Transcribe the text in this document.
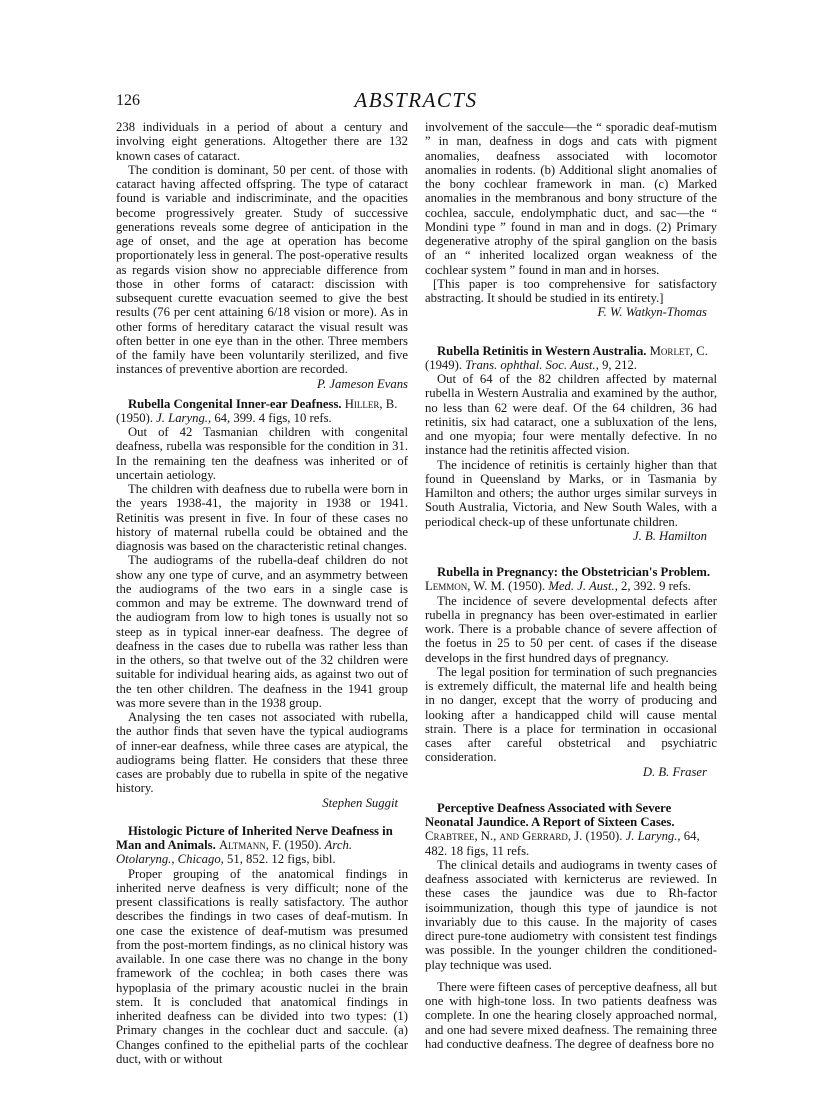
126	ABSTRACTS

238 individuals in a period of about a century and involving eight generations. Altogether there are 132 known cases of cataract.

The condition is dominant, 50 per cent. of those with cataract having affected offspring. The type of cataract found is variable and indiscriminate, and the opacities become progressively greater. Study of successive generations reveals some degree of anticipation in the age of onset, and the age at operation has become proportionately less in general. The post-operative results as regards vision show no appreciable difference from those in other forms of cataract: discission with subsequent curette evacuation seemed to give the best results (76 per cent attaining 6/18 vision or more). As in other forms of hereditary cataract the visual result was often better in one eye than in the other. Three members of the family have been voluntarily sterilized, and five instances of preventive abortion are recorded.
P. Jameson Evans

Rubella Congenital Inner-ear Deafness. Hiller, B. (1950). J. Laryng., 64, 399. 4 figs, 10 refs.

Out of 42 Tasmanian children with congenital deafness, rubella was responsible for the condition in 31. In the remaining ten the deafness was inherited or of uncertain aetiology.

The children with deafness due to rubella were born in the years 1938-41, the majority in 1938 or 1941. Retinitis was present in five. In four of these cases no history of maternal rubella could be obtained and the diagnosis was based on the characteristic retinal changes.

The audiograms of the rubella-deaf children do not show any one type of curve, and an asymmetry between the audiograms of the two ears in a single case is common and may be extreme. The downward trend of the audiogram from low to high tones is usually not so steep as in typical inner-ear deafness. The degree of deafness in the cases due to rubella was rather less than in the others, so that twelve out of the 32 children were suitable for individual hearing aids, as against two out of the ten other children. The deafness in the 1941 group was more severe than in the 1938 group.

Analysing the ten cases not associated with rubella, the author finds that seven have the typical audiograms of inner-ear deafness, while three cases are atypical, the audiograms being flatter. He considers that these three cases are probably due to rubella in spite of the negative history.

Stephen Suggit

Histologic Picture of Inherited Nerve Deafness in Man and Animals. Altmann, F. (1950). Arch. Otolaryng., Chicago, 51, 852. 12 figs, bibl.

Proper grouping of the anatomical findings in inherited nerve deafness is very difficult; none of the present classifications is really satisfactory. The author describes the findings in two cases of deaf-mutism. In one case the existence of deaf-mutism was presumed from the post-mortem findings, as no clinical history was available. In one case there was no change in the bony framework of the cochlea; in both cases there was hypoplasia of the primary acoustic nuclei in the brain stem. It is concluded that anatomical findings in inherited deafness can be divided into two types: (1) Primary changes in the cochlear duct and saccule. (a) Changes confined to the epithelial parts of the cochlear duct, with or without

involvement of the saccule—the “ sporadic deaf-mutism ” in man, deafness in dogs and cats with pigment anomalies, deafness associated with locomotor anomalies in rodents. (b) Additional slight anomalies of the bony cochlear framework in man. (c) Marked anomalies in the membranous and bony structure of the cochlea, saccule, endolymphatic duct, and sac—the “ Mondini type ” found in man and in dogs. (2) Primary degenerative atrophy of the spiral ganglion on the basis of an “ inherited localized organ weakness of the cochlear system ” found in man and in horses.

[This paper is too comprehensive for satisfactory abstracting. It should be studied in its entirety.]

F. W. Watkyn-Thomas

Rubella Retinitis in Western Australia. Morlet, C. (1949). Trans. ophthal. Soc. Aust., 9, 212.

Out of 64 of the 82 children affected by maternal rubella in Western Australia and examined by the author, no less than 62 were deaf. Of the 64 children, 36 had retinitis, six had cataract, one a subluxation of the lens, and one myopia; four were mentally defective. In no instance had the retinitis affected vision.

The incidence of retinitis is certainly higher than that found in Queensland by Marks, or in Tasmania by Hamilton and others; the author urges similar surveys in South Australia, Victoria, and New South Wales, with a periodical check-up of these unfortunate children.

J. B. Hamilton

Rubella in Pregnancy: the Obstetrician's Problem. Lemmon, W. M. (1950). Med. J. Aust., 2, 392. 9 refs.

The incidence of severe developmental defects after rubella in pregnancy has been over-estimated in earlier work. There is a probable chance of severe affection of the foetus in 25 to 50 per cent. of cases if the disease develops in the first hundred days of pregnancy.

The legal position for termination of such pregnancies is extremely difficult, the maternal life and health being in no danger, except that the worry of producing and looking after a handicapped child will cause mental strain. There is a place for termination in occasional cases after careful obstetrical and psychiatric consideration.

D. B. Fraser

Perceptive Deafness Associated with Severe Neonatal Jaundice. A Report of Sixteen Cases. Crabtree, N., and Gerrard, J. (1950). J. Laryng., 64, 482. 18 figs, 11 refs.

The clinical details and audiograms in twenty cases of deafness associated with kernicterus are reviewed. In these cases the jaundice was due to Rh-factor isoimmunization, though this type of jaundice is not invariably due to this cause. In the majority of cases direct pure-tone audiometry with consistent test findings was possible. In the younger children the conditioned-play technique was used.

There were fifteen cases of perceptive deafness, all but one with high-tone loss. In two patients deafness was complete. In one the hearing closely approached normal, and one had severe mixed deafness. The remaining three had conductive deafness. The degree of deafness bore no
